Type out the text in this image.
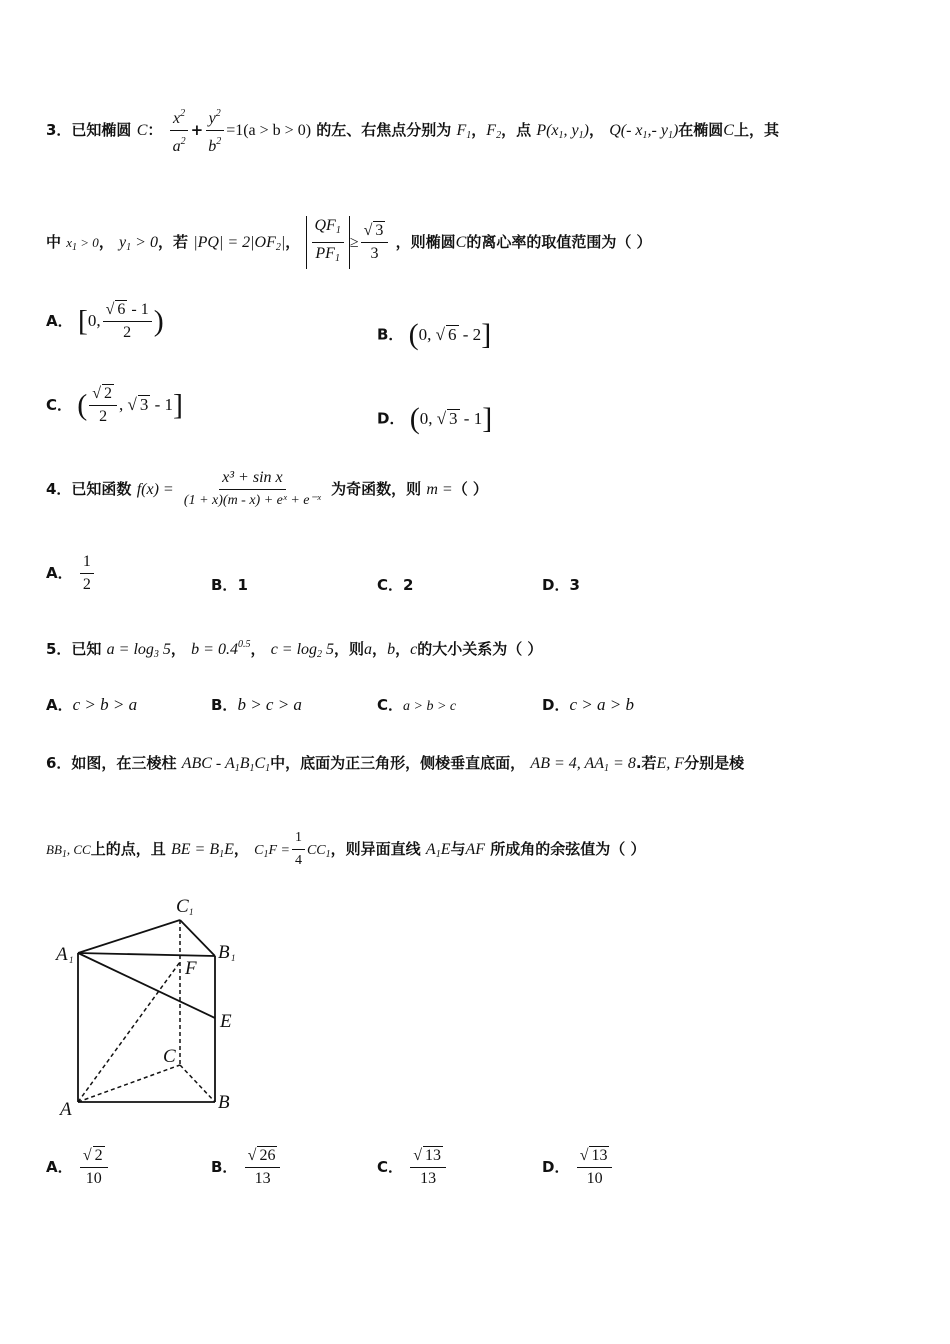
3．已知椭圆 C： $\frac{x^2}{a^2} + \frac{y^2}{b^2} =1(a > b > 0)$ 的左、右焦点分别为 $F_1$，$F_2$，点 $P(x_1$, $y_1$)， Q(- $x_1,-$ $y_1$)在椭圆C上，其
中 $x_1 > 0$， $y_1 > 0$，若 $|PQ| = 2|OF_2|$， $\frac{QF_1}{PF_1} \ge \frac{√ 3}{3}$ ，则椭圆C的离心率的取值范围为（ ）
A． [0, $\frac{√ 6 - 1}{2}$ )	B． (0, √ 6 - 2]
C． ( $\frac{√ 2}{2}$ , √ 3 - 1]	D． (0, √ 3 - 1]
4．已知函数 $f(x) = \frac{\text{x³ + sin x}}{\text{(1 + x)(m - x) + eˣ + e⁻ˣ}}$ 为奇函数，则 m =（ ）
A． $\frac{1}{2}$	B．1	C．2	D．3
5．已知 $a = \log_3 5$， $b = 0.4^{0.5}$， $c = \log_2 5$，则a，b，c的大小关系为（ ）
A．c > b > a	B．b > c > a	C．a > b > c	D．c > a > b
6．如图，在三棱柱 ABC - $A_1B_1C_1$中，底面为正三角形，侧棱垂直底面， AB = 4, $AA_1 = 8$.若E, F分别是棱
$BB_1$, CC上的点，且 BE = $B_1E$， $C_1F = \frac{1}{4} CC_1$，则异面直线 $A_1E$与AF 所成角的余弦值为（ ）
C 1
A 1	B 1
F
E
C
A	B
A． $\frac{√ 2}{10}$	B． $\frac{√ 26}{13}$	C． $\frac{√ 13}{13}$	D． $\frac{√ 13}{10}$
